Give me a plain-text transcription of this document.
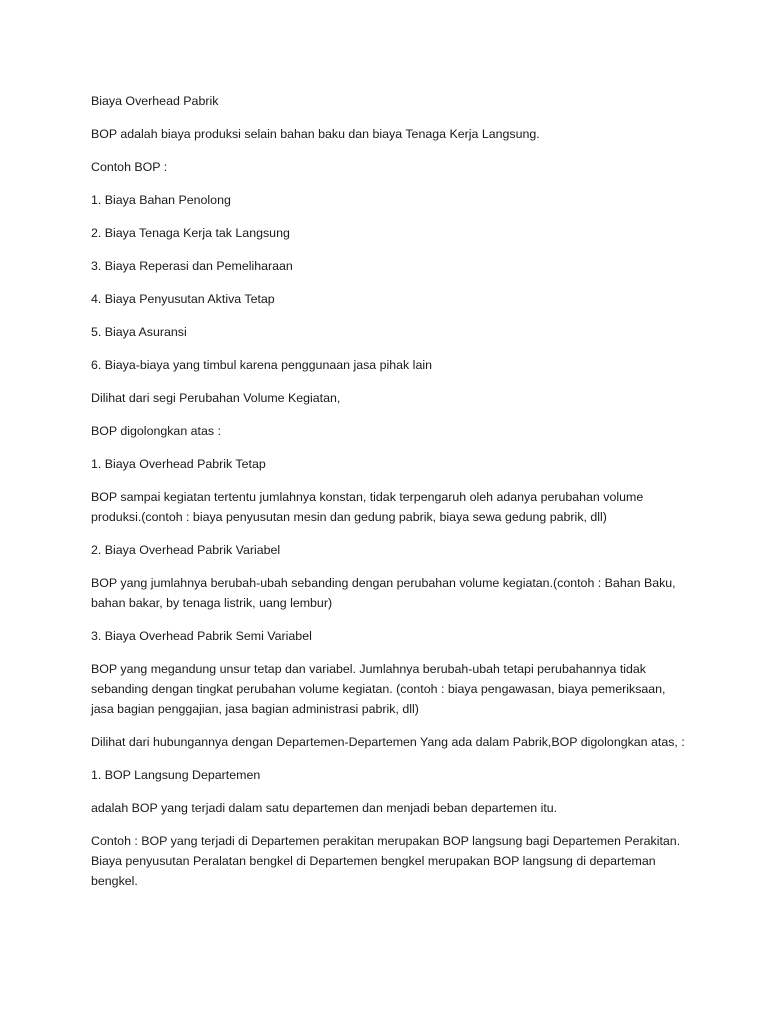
Biaya Overhead Pabrik

BOP adalah biaya produksi selain bahan baku dan biaya Tenaga Kerja Langsung.

Contoh BOP :

1. Biaya Bahan Penolong

2. Biaya Tenaga Kerja tak Langsung

3. Biaya Reperasi dan Pemeliharaan

4. Biaya Penyusutan Aktiva Tetap

5. Biaya Asuransi

6. Biaya-biaya yang timbul karena penggunaan jasa pihak lain

Dilihat dari segi Perubahan Volume Kegiatan,

BOP digolongkan atas :

1. Biaya Overhead Pabrik Tetap

BOP sampai kegiatan tertentu jumlahnya konstan, tidak terpengaruh oleh adanya perubahan volume produksi.(contoh : biaya penyusutan mesin dan gedung pabrik, biaya sewa gedung pabrik, dll)

2. Biaya Overhead Pabrik Variabel

BOP yang jumlahnya berubah-ubah sebanding dengan perubahan volume kegiatan.(contoh : Bahan Baku, bahan bakar, by tenaga listrik, uang lembur)

3. Biaya Overhead Pabrik Semi Variabel

BOP yang megandung unsur tetap dan variabel. Jumlahnya berubah-ubah tetapi perubahannya tidak sebanding dengan tingkat perubahan volume kegiatan. (contoh : biaya pengawasan, biaya pemeriksaan, jasa bagian penggajian, jasa bagian administrasi pabrik, dll)

Dilihat dari hubungannya dengan Departemen-Departemen Yang ada dalam Pabrik,BOP digolongkan atas, :

1. BOP Langsung Departemen

adalah BOP yang terjadi dalam satu departemen dan menjadi beban departemen itu.

Contoh : BOP yang terjadi di Departemen perakitan merupakan BOP langsung bagi Departemen Perakitan. Biaya penyusutan Peralatan bengkel di Departemen bengkel merupakan BOP langsung di departeman bengkel.
